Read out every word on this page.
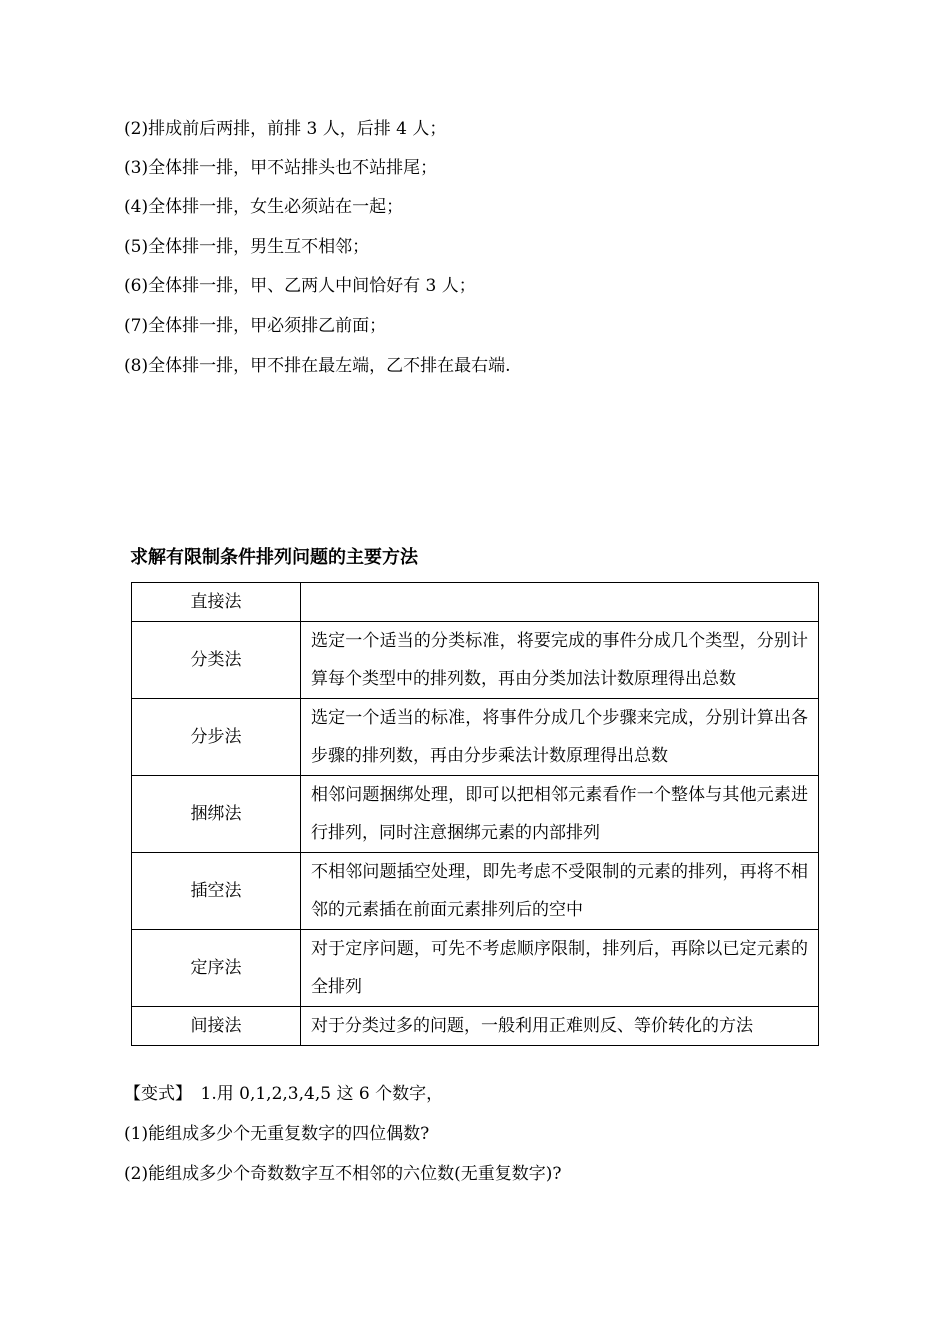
(2)排成前后两排，前排 3 人，后排 4 人；
(3)全体排一排，甲不站排头也不站排尾；
(4)全体排一排，女生必须站在一起；
(5)全体排一排，男生互不相邻；
(6)全体排一排，甲、乙两人中间恰好有 3 人；
(7)全体排一排，甲必须排乙前面；
(8)全体排一排，甲不排在最左端，乙不排在最右端.
求解有限制条件排列问题的主要方法
直接法	
分类法	选定一个适当的分类标准，将要完成的事件分成几个类型，分别计算每个类型中的排列数，再由分类加法计数原理得出总数
分步法	选定一个适当的标准，将事件分成几个步骤来完成，分别计算出各步骤的排列数，再由分步乘法计数原理得出总数
捆绑法	相邻问题捆绑处理，即可以把相邻元素看作一个整体与其他元素进行排列，同时注意捆绑元素的内部排列
插空法	不相邻问题插空处理，即先考虑不受限制的元素的排列，再将不相邻的元素插在前面元素排列后的空中
定序法	对于定序问题，可先不考虑顺序限制，排列后，再除以已定元素的全排列
间接法	对于分类过多的问题，一般利用正难则反、等价转化的方法
【变式】　1.用 0,1,2,3,4,5 这 6 个数字，
(1)能组成多少个无重复数字的四位偶数?
(2)能组成多少个奇数数字互不相邻的六位数(无重复数字)?
